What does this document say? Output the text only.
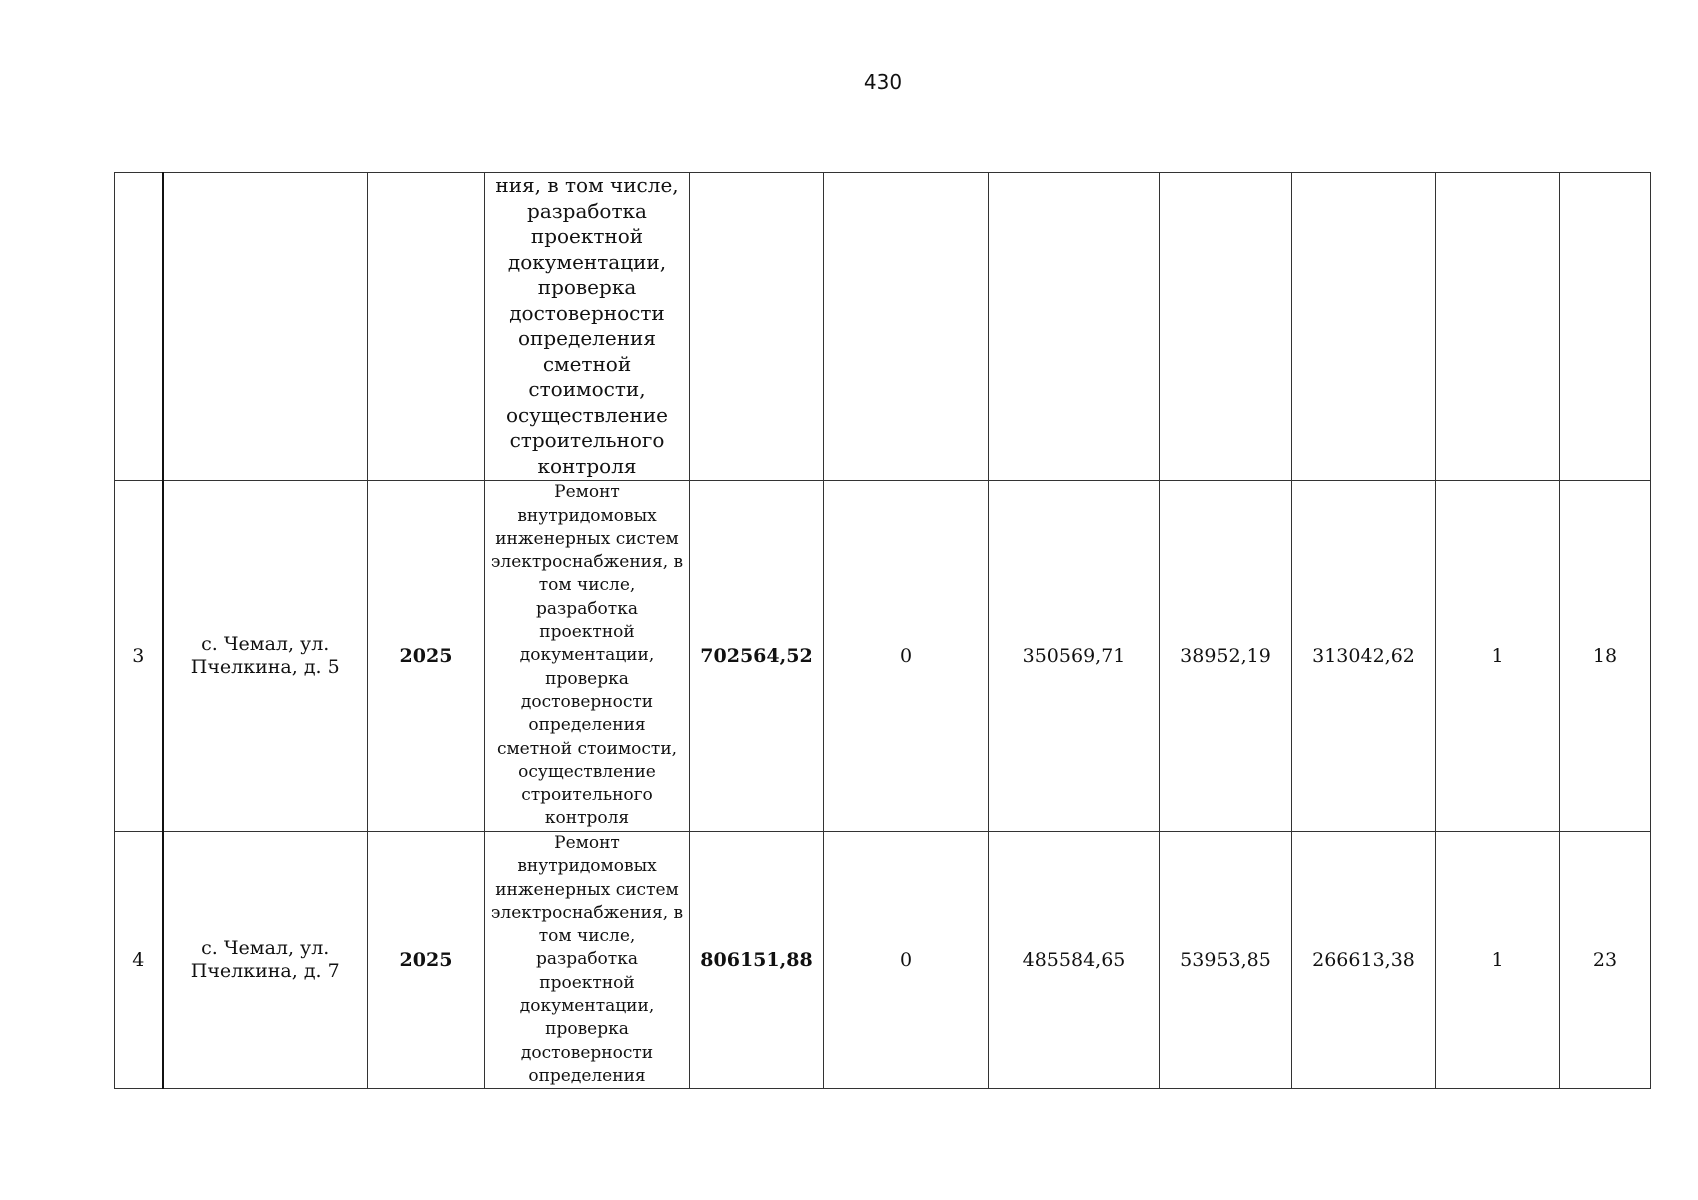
430
			ния, в том числе, разработка проектной документации, проверка достоверности определения сметной стоимости, осуществление строительного контроля							
3	с. Чемал, ул. Пчелкина, д. 5	2025	Ремонт внутридомовых инженерных систем электроснабжения, в том числе, разработка проектной документации, проверка достоверности определения сметной стоимости, осуществление строительного контроля	702564,52	0	350569,71	38952,19	313042,62	1	18
4	с. Чемал, ул. Пчелкина, д. 7	2025	Ремонт внутридомовых инженерных систем электроснабжения, в том числе, разработка проектной документации, проверка достоверности определения	806151,88	0	485584,65	53953,85	266613,38	1	23
